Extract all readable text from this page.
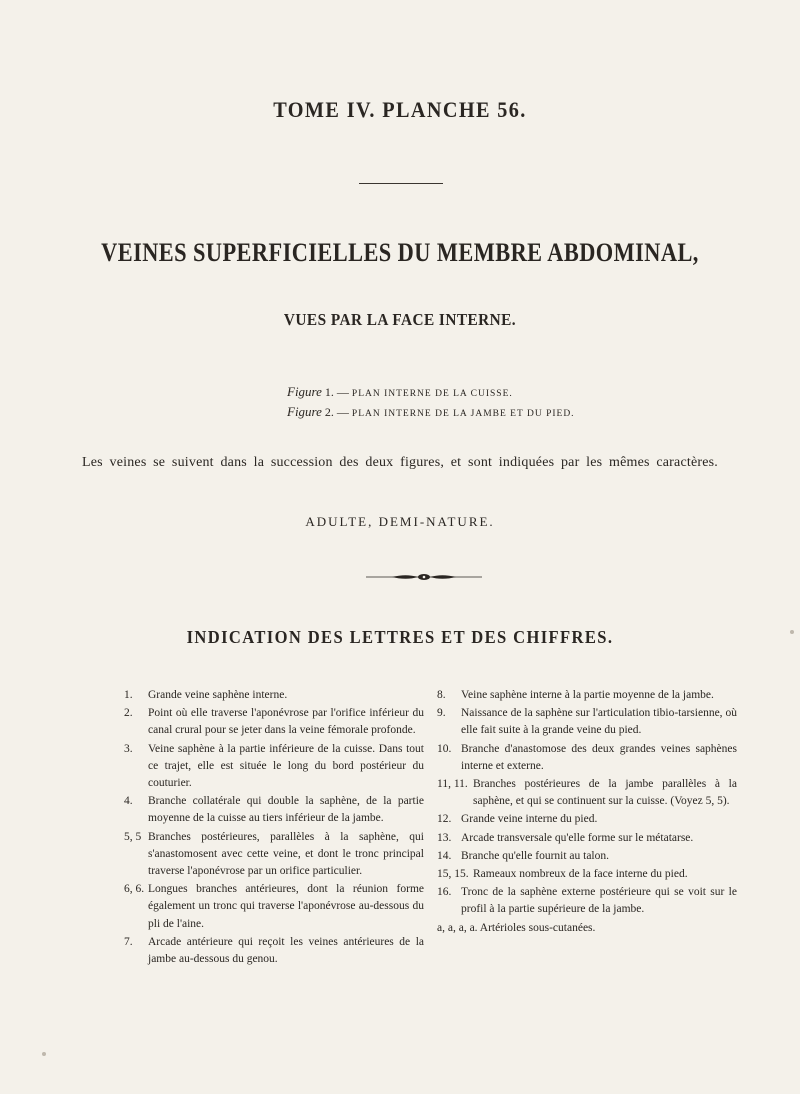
TOME IV. PLANCHE 56.
VEINES SUPERFICIELLES DU MEMBRE ABDOMINAL,
VUES PAR LA FACE INTERNE.
Figure 1. — PLAN INTERNE DE LA CUISSE.
Figure 2. — PLAN INTERNE DE LA JAMBE ET DU PIED.
Les veines se suivent dans la succession des deux figures, et sont indiquées par les mêmes caractères.
ADULTE, DEMI-NATURE.
INDICATION DES LETTRES ET DES CHIFFRES.
1.	Grande veine saphène interne.
2.	Point où elle traverse l'aponévrose par l'orifice inférieur du canal crural pour se jeter dans la veine fémorale profonde.
3.	Veine saphène à la partie inférieure de la cuisse. Dans tout ce trajet, elle est située le long du bord postérieur du couturier.
4.	Branche collatérale qui double la saphène, de la partie moyenne de la cuisse au tiers inférieur de la jambe.
5, 5 Branches postérieures, parallèles à la saphène, qui s'anastomosent avec cette veine, et dont le tronc principal traverse l'aponévrose par un orifice particulier.
6, 6. Longues branches antérieures, dont la réunion forme également un tronc qui traverse l'aponévrose au-dessous du pli de l'aine.
7.	Arcade antérieure qui reçoit les veines antérieures de la jambe au-dessous du genou.
8.	Veine saphène interne à la partie moyenne de la jambe.
9.	Naissance de la saphène sur l'articulation tibio-tarsienne, où elle fait suite à la grande veine du pied.
10. Branche d'anastomose des deux grandes veines saphènes interne et externe.
11, 11. Branches postérieures de la jambe parallèles à la saphène, et qui se continuent sur la cuisse. (Voyez 5, 5).
12. Grande veine interne du pied.
13. Arcade transversale qu'elle forme sur le métatarse.
14. Branche qu'elle fournit au talon.
15, 15. Rameaux nombreux de la face interne du pied.
16. Tronc de la saphène externe postérieure qui se voit sur le profil à la partie supérieure de la jambe.
a, a, a, a. Artérioles sous-cutanées.
